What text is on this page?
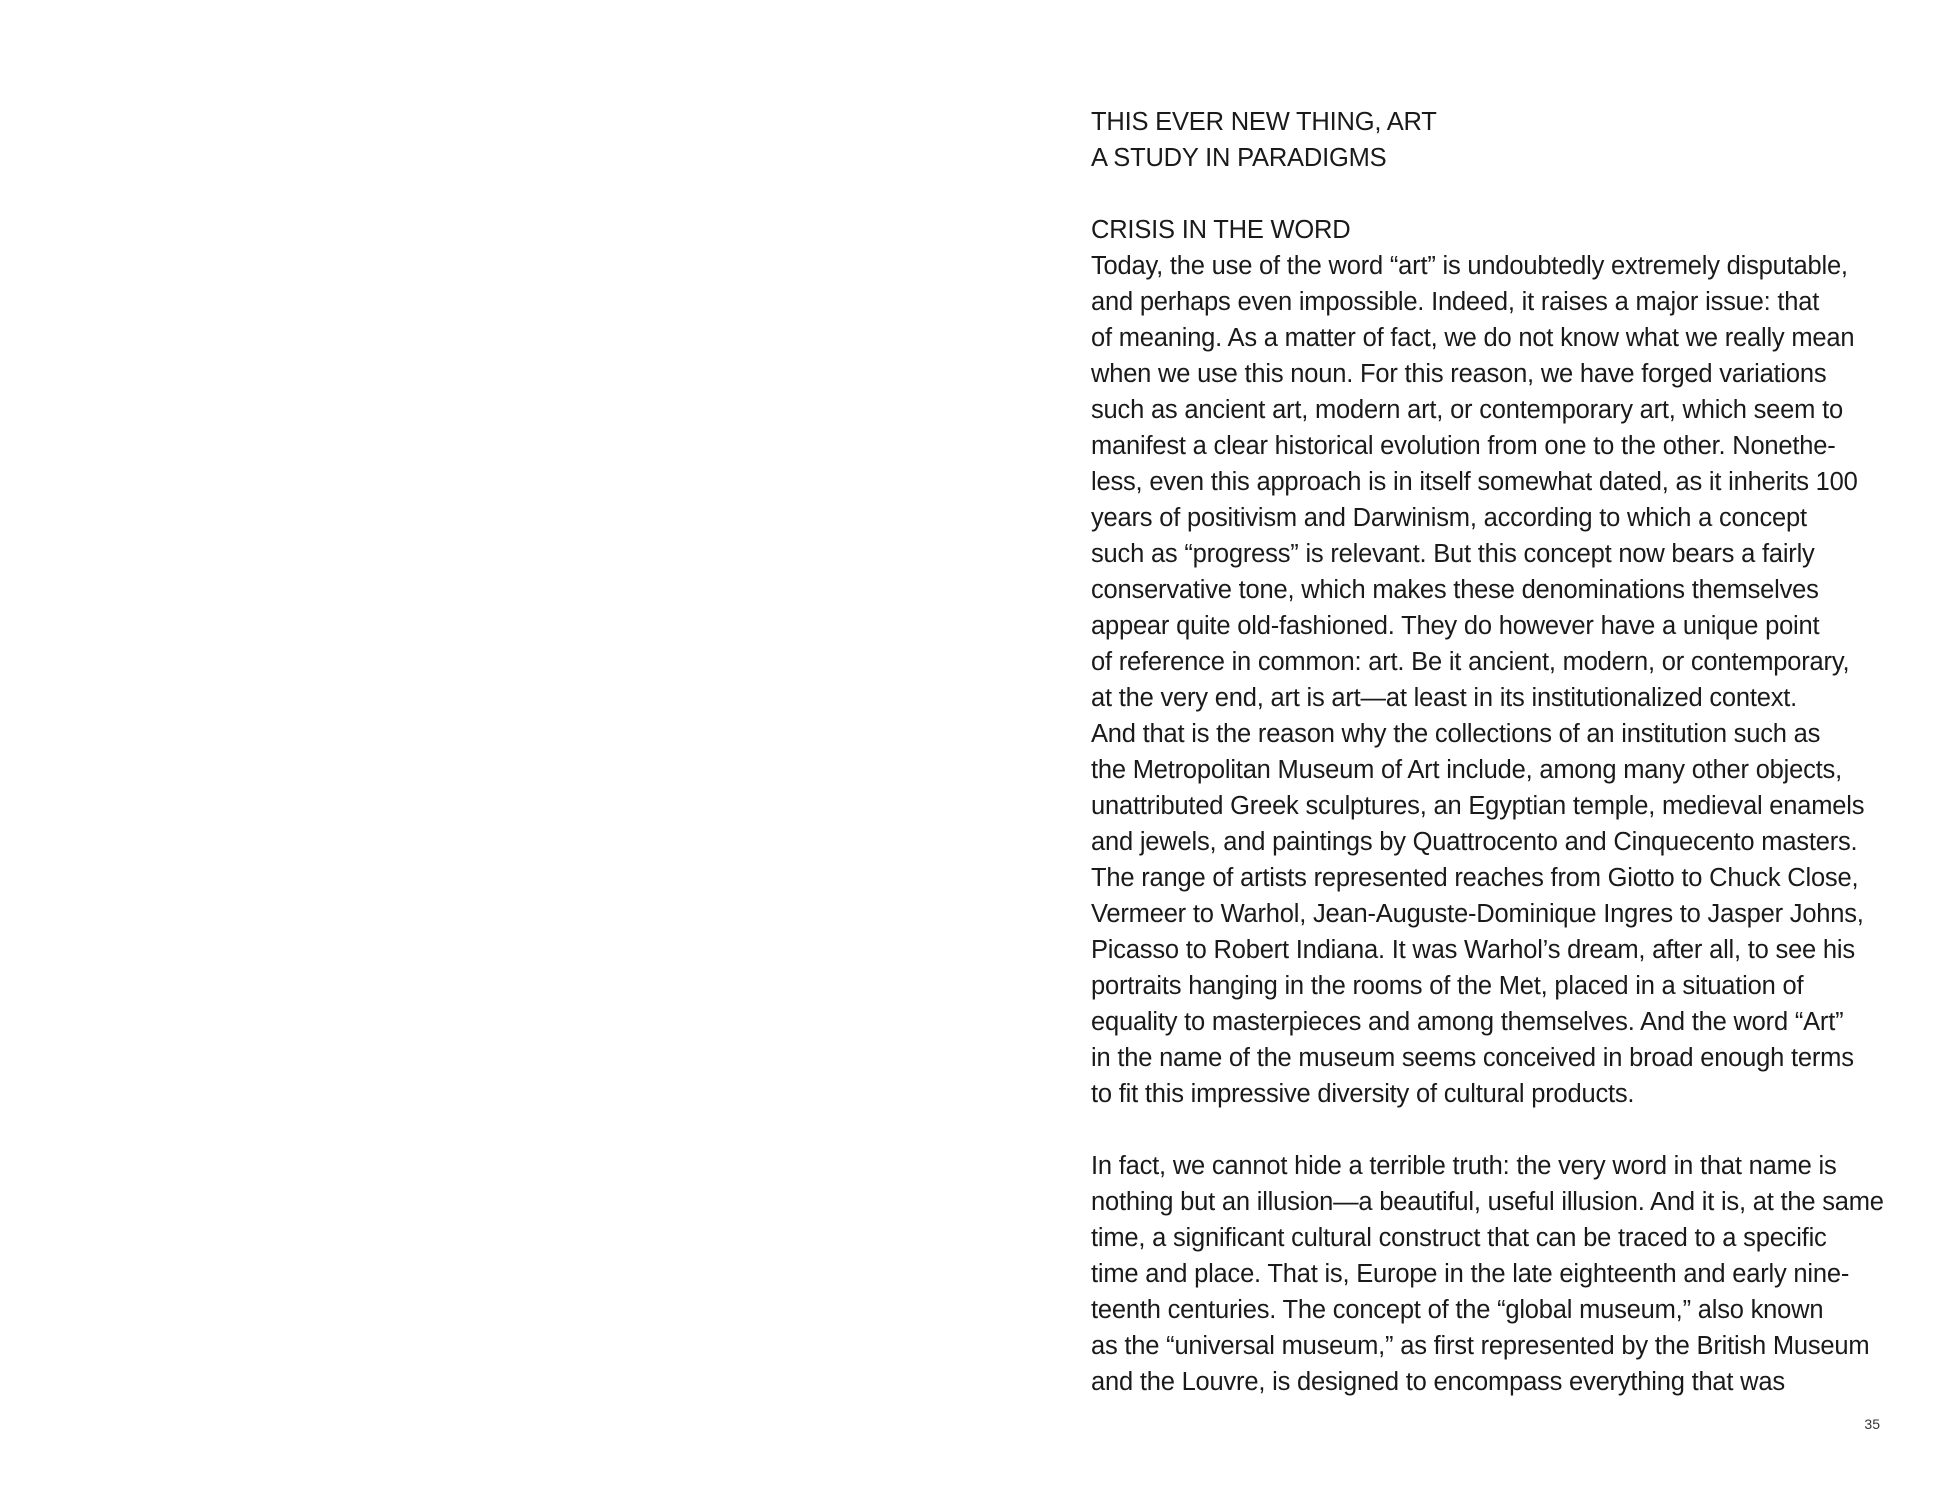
THIS EVER NEW THING, ART
A STUDY IN PARADIGMS
CRISIS IN THE WORD
Today, the use of the word “art” is undoubtedly extremely disputable,
and perhaps even impossible. Indeed, it raises a major issue: that
of meaning. As a matter of fact, we do not know what we really mean
when we use this noun. For this reason, we have forged variations
such as ancient art, modern art, or contemporary art, which seem to
manifest a clear historical evolution from one to the other. Nonethe-
less, even this approach is in itself somewhat dated, as it inherits 100
years of positivism and Darwinism, according to which a concept
such as “progress” is relevant. But this concept now bears a fairly
conservative tone, which makes these denominations themselves
appear quite old-fashioned. They do however have a unique point
of reference in common: art. Be it ancient, modern, or contemporary,
at the very end, art is art—at least in its institutionalized context.
And that is the reason why the collections of an institution such as
the Metropolitan Museum of Art include, among many other objects,
unattributed Greek sculptures, an Egyptian temple, medieval enamels
and jewels, and paintings by Quattrocento and Cinquecento masters.
The range of artists represented reaches from Giotto to Chuck Close,
Vermeer to Warhol, Jean-Auguste-Dominique Ingres to Jasper Johns,
Picasso to Robert Indiana. It was Warhol’s dream, after all, to see his
portraits hanging in the rooms of the Met, placed in a situation of
equality to masterpieces and among themselves. And the word “Art”
in the name of the museum seems conceived in broad enough terms
to fit this impressive diversity of cultural products.
In fact, we cannot hide a terrible truth: the very word in that name is
nothing but an illusion—a beautiful, useful illusion. And it is, at the same
time, a significant cultural construct that can be traced to a specific
time and place. That is, Europe in the late eighteenth and early nine-
teenth centuries. The concept of the “global museum,” also known
as the “universal museum,” as first represented by the British Museum
and the Louvre, is designed to encompass everything that was
35
